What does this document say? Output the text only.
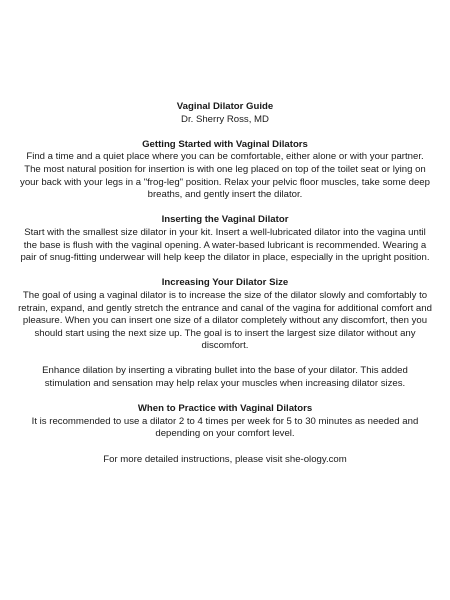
Vaginal Dilator Guide

Dr. Sherry Ross, MD

Getting Started with Vaginal Dilators

Find a time and a quiet place where you can be comfortable, either alone or with your partner. The most natural position for insertion is with one leg placed on top of the toilet seat or lying on your back with your legs in a "frog-leg" position. Relax your pelvic floor muscles, take some deep breaths, and gently insert the dilator.

Inserting the Vaginal Dilator

Start with the smallest size dilator in your kit. Insert a well-lubricated dilator into the vagina until the base is flush with the vaginal opening. A water-based lubricant is recommended. Wearing a pair of snug-fitting underwear will help keep the dilator in place, especially in the upright position.

Increasing Your Dilator Size

The goal of using a vaginal dilator is to increase the size of the dilator slowly and comfortably to retrain, expand, and gently stretch the entrance and canal of the vagina for additional comfort and pleasure. When you can insert one size of a dilator completely without any discomfort, then you should start using the next size up. The goal is to insert the largest size dilator without any discomfort.

Enhance dilation by inserting a vibrating bullet into the base of your dilator. This added stimulation and sensation may help relax your muscles when increasing dilator sizes.

When to Practice with Vaginal Dilators

It is recommended to use a dilator 2 to 4 times per week for 5 to 30 minutes as needed and depending on your comfort level.

For more detailed instructions, please visit she-ology.com
